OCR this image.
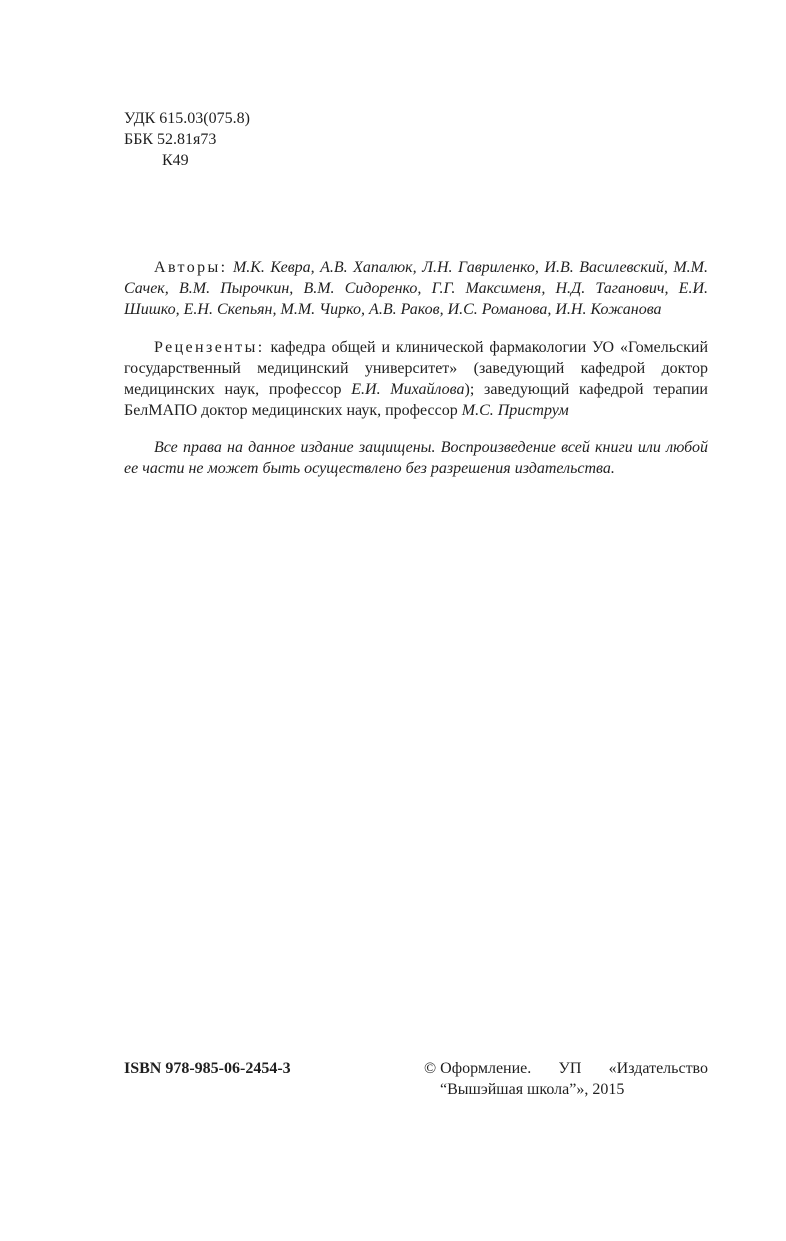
УДК 615.03(075.8)
ББК 52.81я73
К49
Авторы: М.К. Кевра, А.В. Хапалюк, Л.Н. Гавриленко, И.В. Василевский, М.М. Сачек, В.М. Пырочкин, В.М. Сидоренко, Г.Г. Максименя, Н.Д. Таганович, Е.И. Шишко, Е.Н. Скепьян, М.М. Чирко, А.В. Раков, И.С. Романова, И.Н. Кожанова
Рецензенты: кафедра общей и клинической фармакологии УО «Гомельский государственный медицинский университет» (заведующий кафедрой доктор медицинских наук, профессор Е.И. Михайлова); заведующий кафедрой терапии БелМАПО доктор медицинских наук, профессор М.С. Приструм
Все права на данное издание защищены. Воспроизведение всей книги или любой ее части не может быть осуществлено без разрешения издательства.
ISBN 978-985-06-2454-3	© Оформление. УП «Издательство
“Вышэйшая школа”», 2015
